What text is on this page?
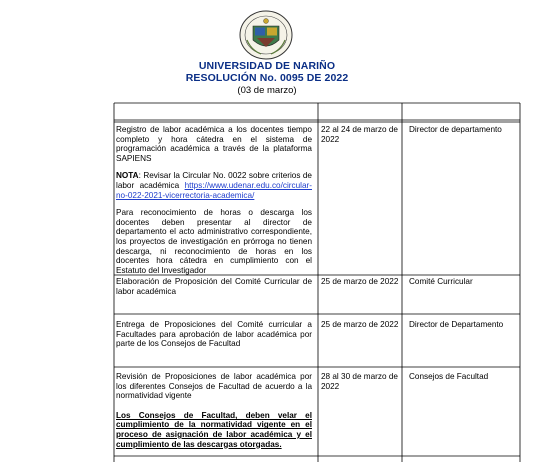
UNIVERSIDAD DE NARIÑO
RESOLUCIÓN No. 0095 DE 2022
(03 de marzo)
Registro de labor académica a los docentes tiempo completo y hora cátedra en el sistema de programación académica a través de la plataforma SAPIENS
NOTA: Revisar la Circular No. 0022 sobre criterios de labor académica https://www.udenar.edu.co/circular-no-022-2021-vicerrectoria-academica/
Para reconocimiento de horas o descarga los docentes deben presentar al director de departamento el acto administrativo correspondiente, los proyectos de investigación en prórroga no tienen descarga, ni reconocimiento de horas en los docentes hora cátedra en cumplimiento con el Estatuto del Investigador
22 al 24 de marzo de 2022
Director de departamento
Elaboración de Proposición del Comité Curricular de labor académica
25 de marzo de 2022 Comité Curricular
Entrega de Proposiciones del Comité curricular a Facultades para aprobación de labor académica por parte de los Consejos de Facultad
25 de marzo de 2022 Director de Departamento
Revisión de Proposiciones de labor académica por los diferentes Consejos de Facultad de acuerdo a la normatividad vigente
Los Consejos de Facultad, deben velar el cumplimiento de la normatividad vigente en el proceso de asignación de labor académica y el cumplimiento de las descargas otorgadas.
28 al 30 de marzo de 2022
Consejos de Facultad
